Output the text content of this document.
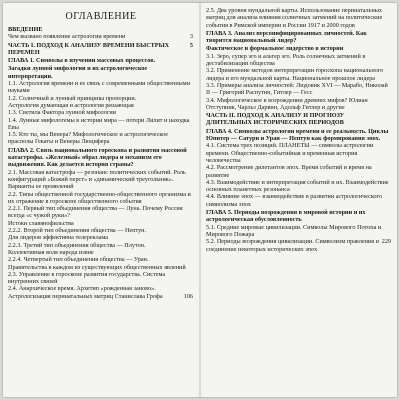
ОГЛАВЛЕНИЕ
ВВЕДЕНИЕ
3
Чем вызвано появление астрологии времени
5
ЧАСТЬ I. ПОДХОД К АНАЛИЗУ ВРЕМЕНИ БЫСТРЫХ ПЕРЕМЕН
ГЛАВА 1. Символы в изучении массовых процессов.
Загадки лунной мифологии и их астрологическое интерпретации.
1.1. Астрология времени и ее связь с современными общественными науками
1.2. Солнечный и лунный принципы пропорции.
Астрология думающая и астрология решающая
1.3. Светила Фактора лунной мифологии
1.4. Лунные мифологемы в истории мира — потери Лилит и находка Евы
1.5. Кто ты, мы Венера? Мифологическое и астрологическое прасполы Гекаты и Венеры Люцифера
ГЛАВА 2. Связь национального гороскопа и развития массовой катастрофы. «Железный» образ лидера и механизм его выдвижения. Как делается история страны?
2.1. Массовая катастрофа — резонанс политических событий. Роль конфигураций «Божий перст» и «динамический треугольник». Варианты ее проявлений
2.2. Типы общественной государственно-общественного организма и их отражение в гороскопе общественного события
2.2.1. Первый тип объединения общества — Луна. Почему Россия всегда «с чужой руки»?
Истоки славянофильства
2.2.2. Второй тип объединения общества — Нептун.
Для лидеров эффективна телереклама
2.2.3. Третий тип объединения общества — Плутон.
Коллективная воля народа извне
2.2.4. Четвертый тип объединения общества — Уран.
Правительства в каждом из существующих общественных явлений
2.3. Управление в гороскопе развития государства. Система внутренних связей
2.4. Анархическое время. Архетип «рожденная заново».
106
Астрологизация перинатальных матриц Станислава Грофа
2.5. Два уровня мундальной карты. Использование перинатальных матриц для анализа влияния солнечных затмений на политические события в Римской империи и России 1917 и 2000 годов
ГЛАВА 3. Анализ персонифицированных личностей. Как творится национальный лидер?
Фактическое и формальное лидерство в истории
3.1. Зеро, супер эго и альтер эго. Роль солнечных затмений в дестабилизации общества
3.2. Применение методов интерпретации гороскопа национального лидера и его мундальной карты. Национальное прошлое лидера
3.3. Примеры анализа личностей: Людовик XVI — Марабо, Николай II — Григорий Распутин, Гитлер — Гесс
3.4. Мифологическое в возрождении древних мифов? Юлиан Отступник, Чарльз Дарвин, Адольф Гитлер и другие
ЧАСТЬ II. ПОДХОД К АНАЛИЗУ И ПРОГНОЗУ ДЛИТЕЛЬНЫХ ИСТОРИЧЕСКИХ ПЕРИОДОВ
ГЛАВА 4. Символы астрологии времени и ее реальность. Циклы Юпитер — Сатурн и Уран — Нептун как формирования эпох.
4.1. Система трех позиций. ПЛАНЕТЫ — символы астрологии времени. Общественно-событийная и временная история человечества
4.2. Рассмотрение дилетантов эпох. Время событий и время на развитие
4.3. Взаимодействие и интерпретация событий и их. Взаимодействие основных планетных резонанса
4.4. Влияние эпох — взаимодействие в развитии астрологического символизма эпох
ГЛАВА 5. Периоды возрождения в мировой истории и их астрологическая обусловленность
5.1. Средние мировые цивилизации. Символы Мирового Потопа и Мирового Пожара
229
5.2. Периоды возрождения цивилизации. Символизм правления и соединение некоторых исторических эпох
